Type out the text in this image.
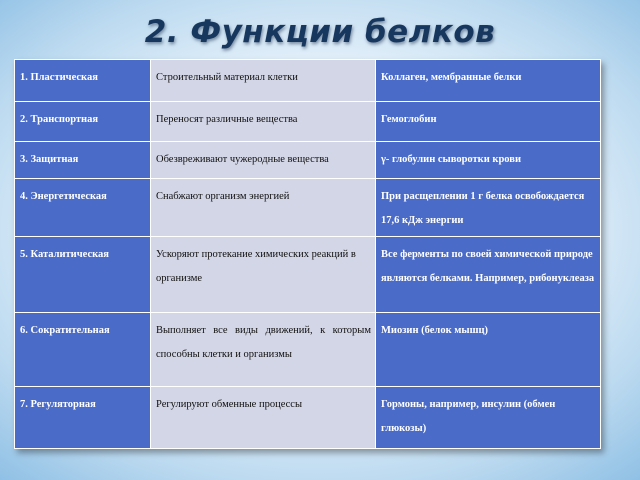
2. Функции белков
1. Пластическая	Строительный материал клетки	Коллаген, мембранные белки
2. Транспортная	Переносят различные вещества	Гемоглобин
3. Защитная	Обезвреживают чужеродные вещества	γ- глобулин сыворотки крови
4. Энергетическая	Снабжают организм энергией	При расщеплении 1 г белка освобождается 17,6 кДж энергии
5. Каталитическая	Ускоряют протекание химических реакций в организме	Все ферменты по своей химической природе являются белками. Например, рибонуклеаза
6. Сократительная	Выполняет все виды движений, к которым способны клетки и организмы	Миозин (белок мышц)
7. Регуляторная	Регулируют обменные процессы	Гормоны, например, инсулин (обмен глюкозы)
